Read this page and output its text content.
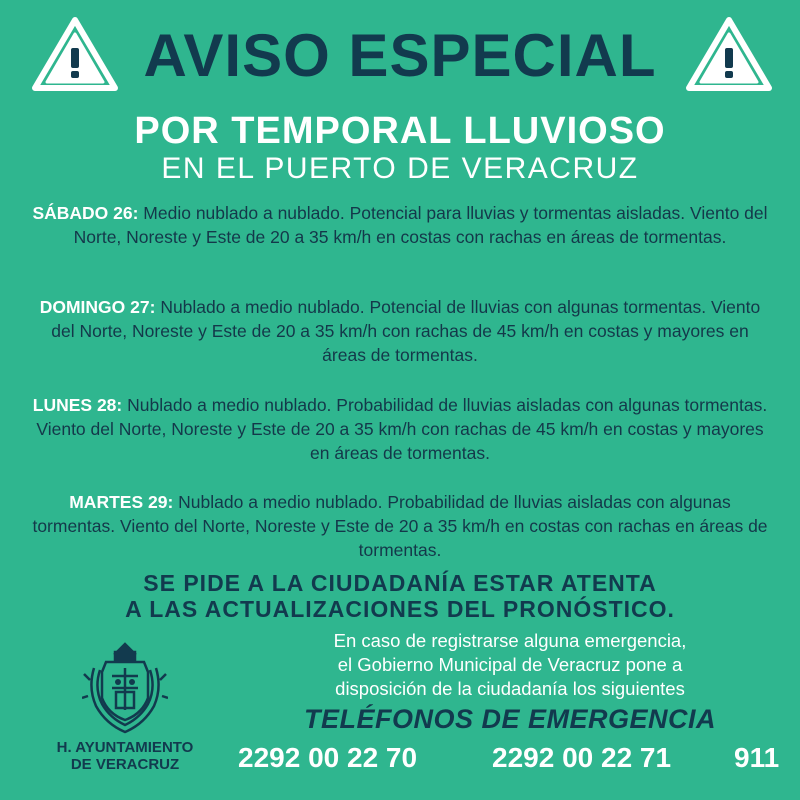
AVISO ESPECIAL
POR TEMPORAL LLUVIOSO
EN EL PUERTO DE VERACRUZ
SÁBADO 26: Medio nublado a nublado. Potencial para lluvias y tormentas aisladas. Viento del Norte, Noreste y Este de 20 a 35 km/h en costas con rachas en áreas de tormentas.
DOMINGO 27: Nublado a medio nublado. Potencial de lluvias con algunas tormentas. Viento del Norte, Noreste y Este de 20 a 35 km/h con rachas de 45 km/h en costas y mayores en áreas de tormentas.
LUNES 28: Nublado a medio nublado. Probabilidad de lluvias aisladas con algunas tormentas. Viento del Norte, Noreste y Este de 20 a 35 km/h con rachas de 45 km/h en costas y mayores en áreas de tormentas.
MARTES 29: Nublado a medio nublado. Probabilidad de lluvias aisladas con algunas tormentas. Viento del Norte, Noreste y Este de 20 a 35 km/h en costas con rachas en áreas de tormentas.
SE PIDE A LA CIUDADANÍA ESTAR ATENTA
A LAS ACTUALIZACIONES DEL PRONÓSTICO.
H. AYUNTAMIENTO
DE VERACRUZ
En caso de registrarse alguna emergencia,
el Gobierno Municipal de Veracruz pone a
disposición de la ciudadanía los siguientes
TELÉFONOS DE EMERGENCIA
2292 00 22 70	2292 00 22 71 911
